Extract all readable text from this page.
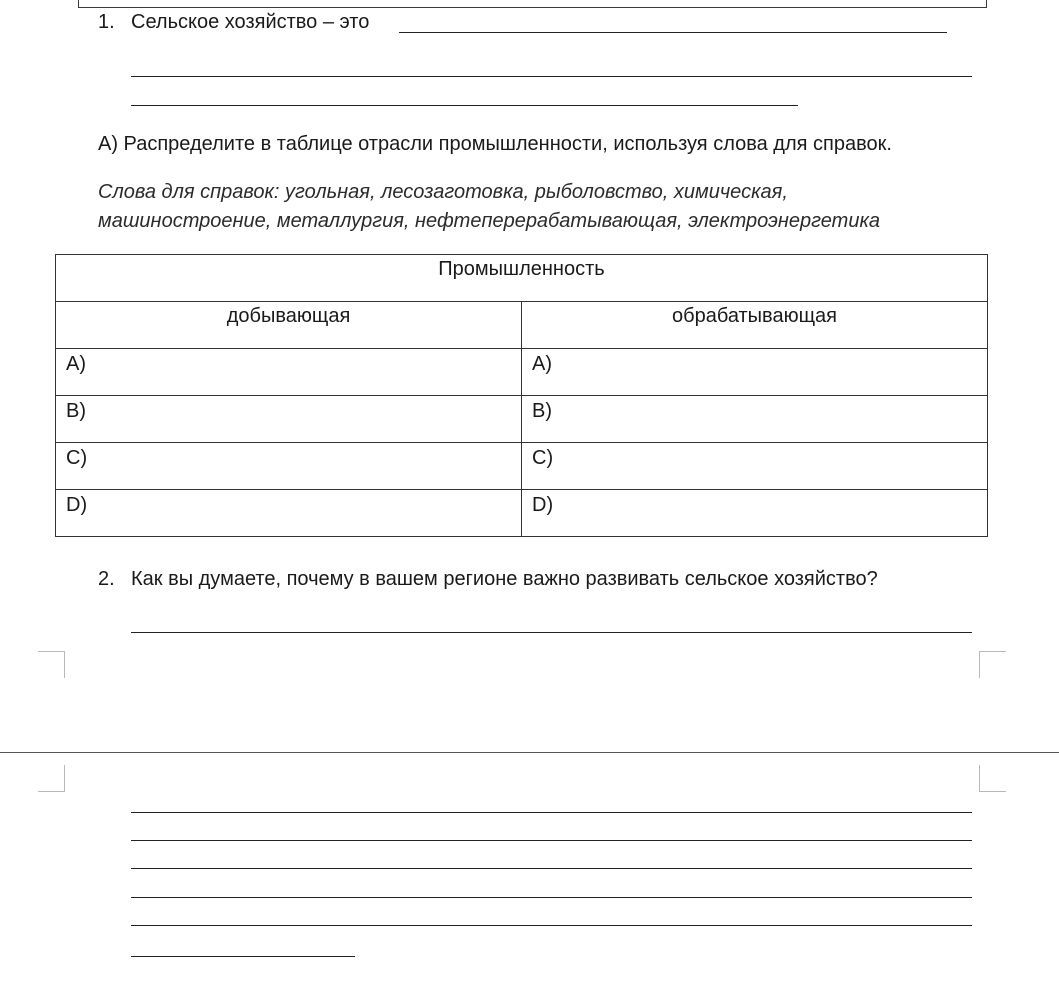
1. Сельское хозяйство – это
А) Распределите в таблице отрасли промышленности, используя слова для справок.
Слова для справок: угольная, лесозаготовка, рыболовство, химическая,
машиностроение, металлургия, нефтеперерабатывающая, электроэнергетика
Промышленность	
добывающая	обрабатывающая
A)	A)
B)	B)
C)	C)
D)	D)
2. Как вы думаете, почему в вашем регионе важно развивать сельское хозяйство?
